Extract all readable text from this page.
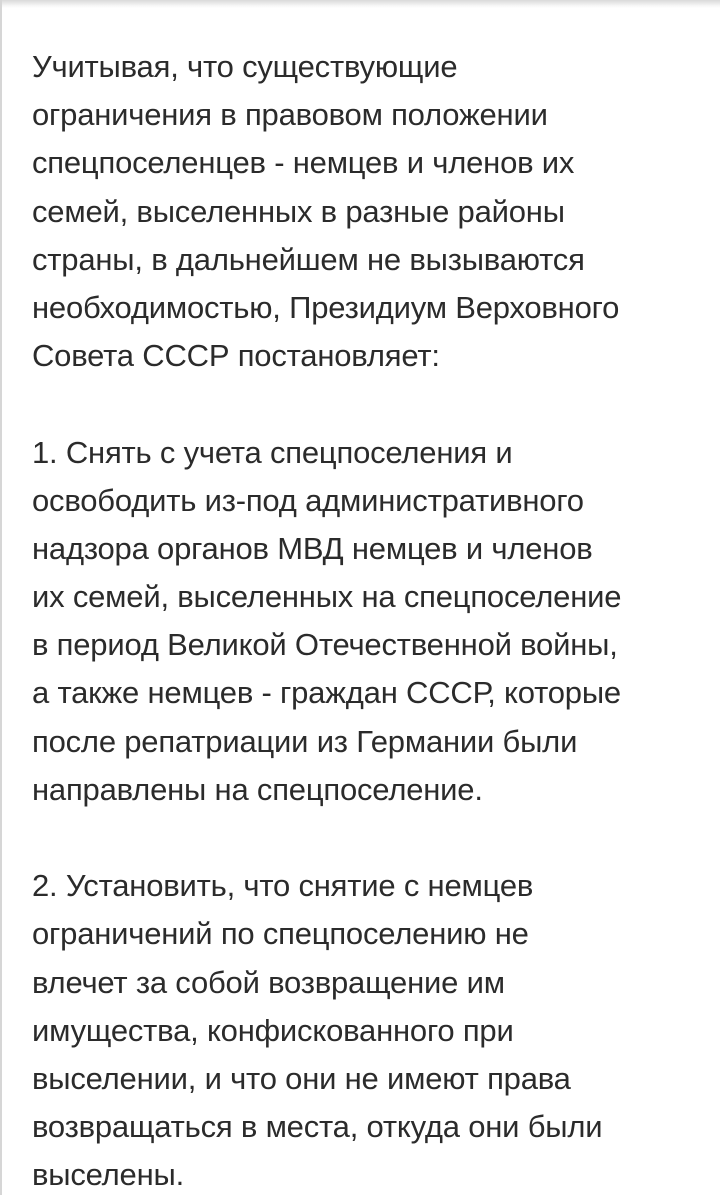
Учитывая, что существующие
ограничения в правовом положении
спецпоселенцев - немцев и членов их
семей, выселенных в разные районы
страны, в дальнейшем не вызываются
необходимостью, Президиум Верховного
Совета СССР постановляет:
1. Снять с учета спецпоселения и
освободить из-под административного
надзора органов МВД немцев и членов
их семей, выселенных на спецпоселение
в период Великой Отечественной войны,
а также немцев - граждан СССР, которые
после репатриации из Германии были
направлены на спецпоселение.
2. Установить, что снятие с немцев
ограничений по спецпоселению не
влечет за собой возвращение им
имущества, конфискованного при
выселении, и что они не имеют права
возвращаться в места, откуда они были
выселены.
